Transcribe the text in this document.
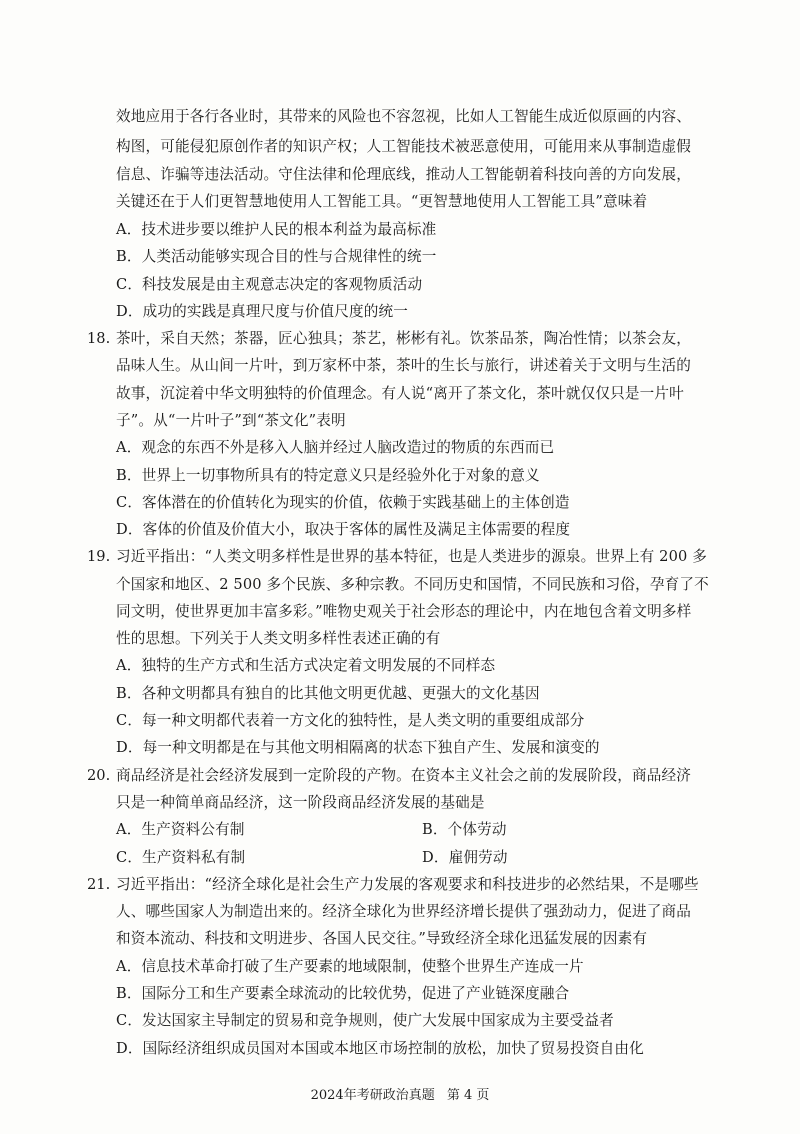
效地应用于各行各业时，其带来的风险也不容忽视，比如人工智能生成近似原画的内容、
构图，可能侵犯原创作者的知识产权；人工智能技术被恶意使用，可能用来从事制造虚假
信息、诈骗等违法活动。守住法律和伦理底线，推动人工智能朝着科技向善的方向发展，
关键还在于人们更智慧地使用人工智能工具。“更智慧地使用人工智能工具”意味着
A．技术进步要以维护人民的根本利益为最高标准
B．人类活动能够实现合目的性与合规律性的统一
C．科技发展是由主观意志决定的客观物质活动
D．成功的实践是真理尺度与价值尺度的统一
18. 茶叶，采自天然；茶器，匠心独具；茶艺，彬彬有礼。饮茶品茶，陶冶性情；以茶会友，
品味人生。从山间一片叶，到万家杯中茶，茶叶的生长与旅行，讲述着关于文明与生活的
故事，沉淀着中华文明独特的价值理念。有人说“离开了茶文化，茶叶就仅仅只是一片叶
子”。从“一片叶子”到“茶文化”表明
A．观念的东西不外是移入人脑并经过人脑改造过的物质的东西而已
B．世界上一切事物所具有的特定意义只是经验外化于对象的意义
C．客体潜在的价值转化为现实的价值，依赖于实践基础上的主体创造
D．客体的价值及价值大小，取决于客体的属性及满足主体需要的程度
19. 习近平指出：“人类文明多样性是世界的基本特征，也是人类进步的源泉。世界上有 200 多
个国家和地区、2 500 多个民族、多种宗教。不同历史和国情，不同民族和习俗，孕育了不
同文明，使世界更加丰富多彩。”唯物史观关于社会形态的理论中，内在地包含着文明多样
性的思想。下列关于人类文明多样性表述正确的有
A．独特的生产方式和生活方式决定着文明发展的不同样态
B．各种文明都具有独自的比其他文明更优越、更强大的文化基因
C．每一种文明都代表着一方文化的独特性，是人类文明的重要组成部分
D．每一种文明都是在与其他文明相隔离的状态下独自产生、发展和演变的
20. 商品经济是社会经济发展到一定阶段的产物。在资本主义社会之前的发展阶段，商品经济
只是一种简单商品经济，这一阶段商品经济发展的基础是
A．生产资料公有制	B．个体劳动
C．生产资料私有制	D．雇佣劳动
21. 习近平指出：“经济全球化是社会生产力发展的客观要求和科技进步的必然结果，不是哪些
人、哪些国家人为制造出来的。经济全球化为世界经济增长提供了强劲动力，促进了商品
和资本流动、科技和文明进步、各国人民交往。”导致经济全球化迅猛发展的因素有
A．信息技术革命打破了生产要素的地域限制，使整个世界生产连成一片
B．国际分工和生产要素全球流动的比较优势，促进了产业链深度融合
C．发达国家主导制定的贸易和竞争规则，使广大发展中国家成为主要受益者
D．国际经济组织成员国对本国或本地区市场控制的放松，加快了贸易投资自由化
2024年考研政治真题 第 4 页
